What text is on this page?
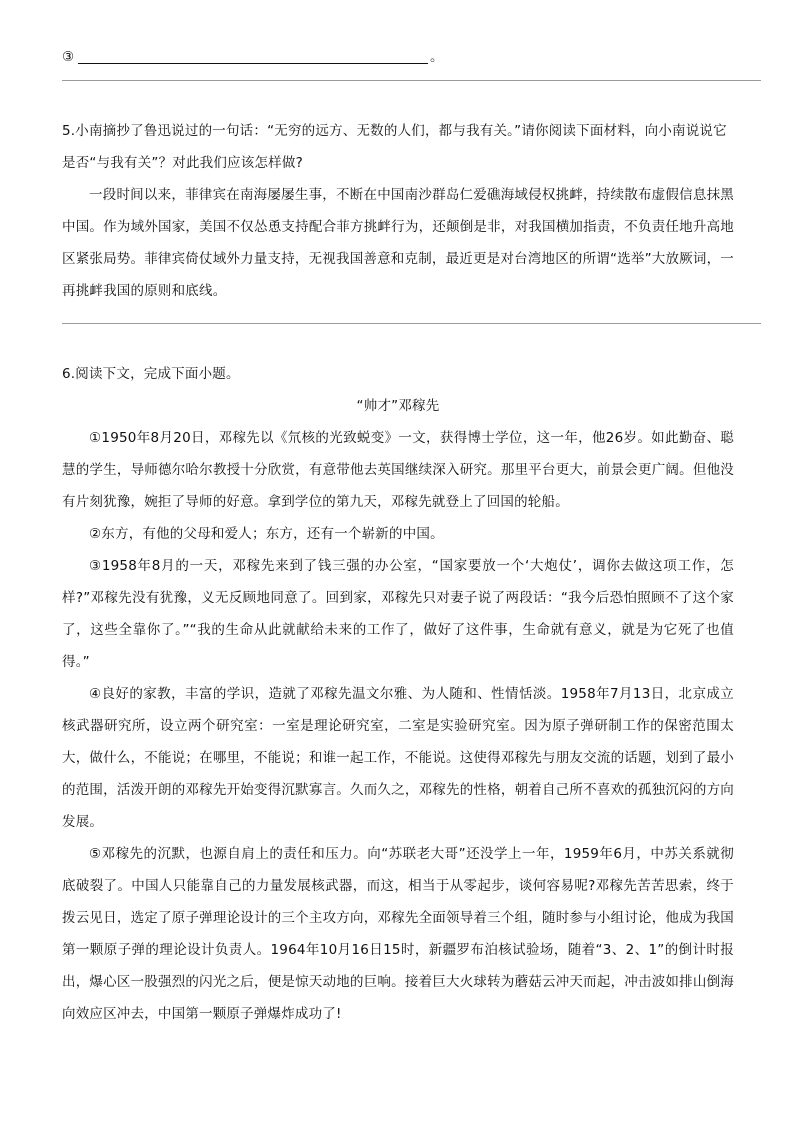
③	。
5.小南摘抄了鲁迅说过的一句话：“无穷的远方、无数的人们，都与我有关。”请你阅读下面材料，向小南说说它是否“与我有关”？对此我们应该怎样做?
一段时间以来，菲律宾在南海屡屡生事，不断在中国南沙群岛仁爱礁海域侵权挑衅，持续散布虚假信息抹黑中国。作为域外国家，美国不仅怂恿支持配合菲方挑衅行为，还颠倒是非，对我国横加指责，不负责任地升高地区紧张局势。菲律宾倚仗域外力量支持，无视我国善意和克制，最近更是对台湾地区的所谓“选举”大放厥词，一再挑衅我国的原则和底线。
6.阅读下文，完成下面小题。
“帅才”邓稼先
①1950年8月20日，邓稼先以《氘核的光致蜕变》一文，获得博士学位，这一年，他26岁。如此勤奋、聪慧的学生，导师德尔哈尔教授十分欣赏，有意带他去英国继续深入研究。那里平台更大，前景会更广阔。但他没有片刻犹豫，婉拒了导师的好意。拿到学位的第九天，邓稼先就登上了回国的轮船。
②东方，有他的父母和爱人；东方，还有一个崭新的中国。
③1958年8月的一天，邓稼先来到了钱三强的办公室，“国家要放一个‘大炮仗’，调你去做这项工作，怎样?”邓稼先没有犹豫，义无反顾地同意了。回到家，邓稼先只对妻子说了两段话：“我今后恐怕照顾不了这个家了，这些全靠你了。”“我的生命从此就献给未来的工作了，做好了这件事，生命就有意义，就是为它死了也值得。”
④良好的家教，丰富的学识，造就了邓稼先温文尔雅、为人随和、性情恬淡。1958年7月13日，北京成立核武器研究所，设立两个研究室：一室是理论研究室，二室是实验研究室。因为原子弹研制工作的保密范围太大，做什么，不能说；在哪里，不能说；和谁一起工作，不能说。这使得邓稼先与朋友交流的话题，划到了最小的范围，活泼开朗的邓稼先开始变得沉默寡言。久而久之，邓稼先的性格，朝着自己所不喜欢的孤独沉闷的方向发展。
⑤邓稼先的沉默，也源自肩上的责任和压力。向“苏联老大哥”还没学上一年，1959年6月，中苏关系就彻底破裂了。中国人只能靠自己的力量发展核武器，而这，相当于从零起步，谈何容易呢?邓稼先苦苦思索，终于拨云见日，选定了原子弹理论设计的三个主攻方向，邓稼先全面领导着三个组，随时参与小组讨论，他成为我国第一颗原子弹的理论设计负责人。1964年10月16日15时，新疆罗布泊核试验场，随着“3、2、1”的倒计时报出，爆心区一股强烈的闪光之后，便是惊天动地的巨响。接着巨大火球转为蘑菇云冲天而起，冲击波如排山倒海向效应区冲去，中国第一颗原子弹爆炸成功了!
